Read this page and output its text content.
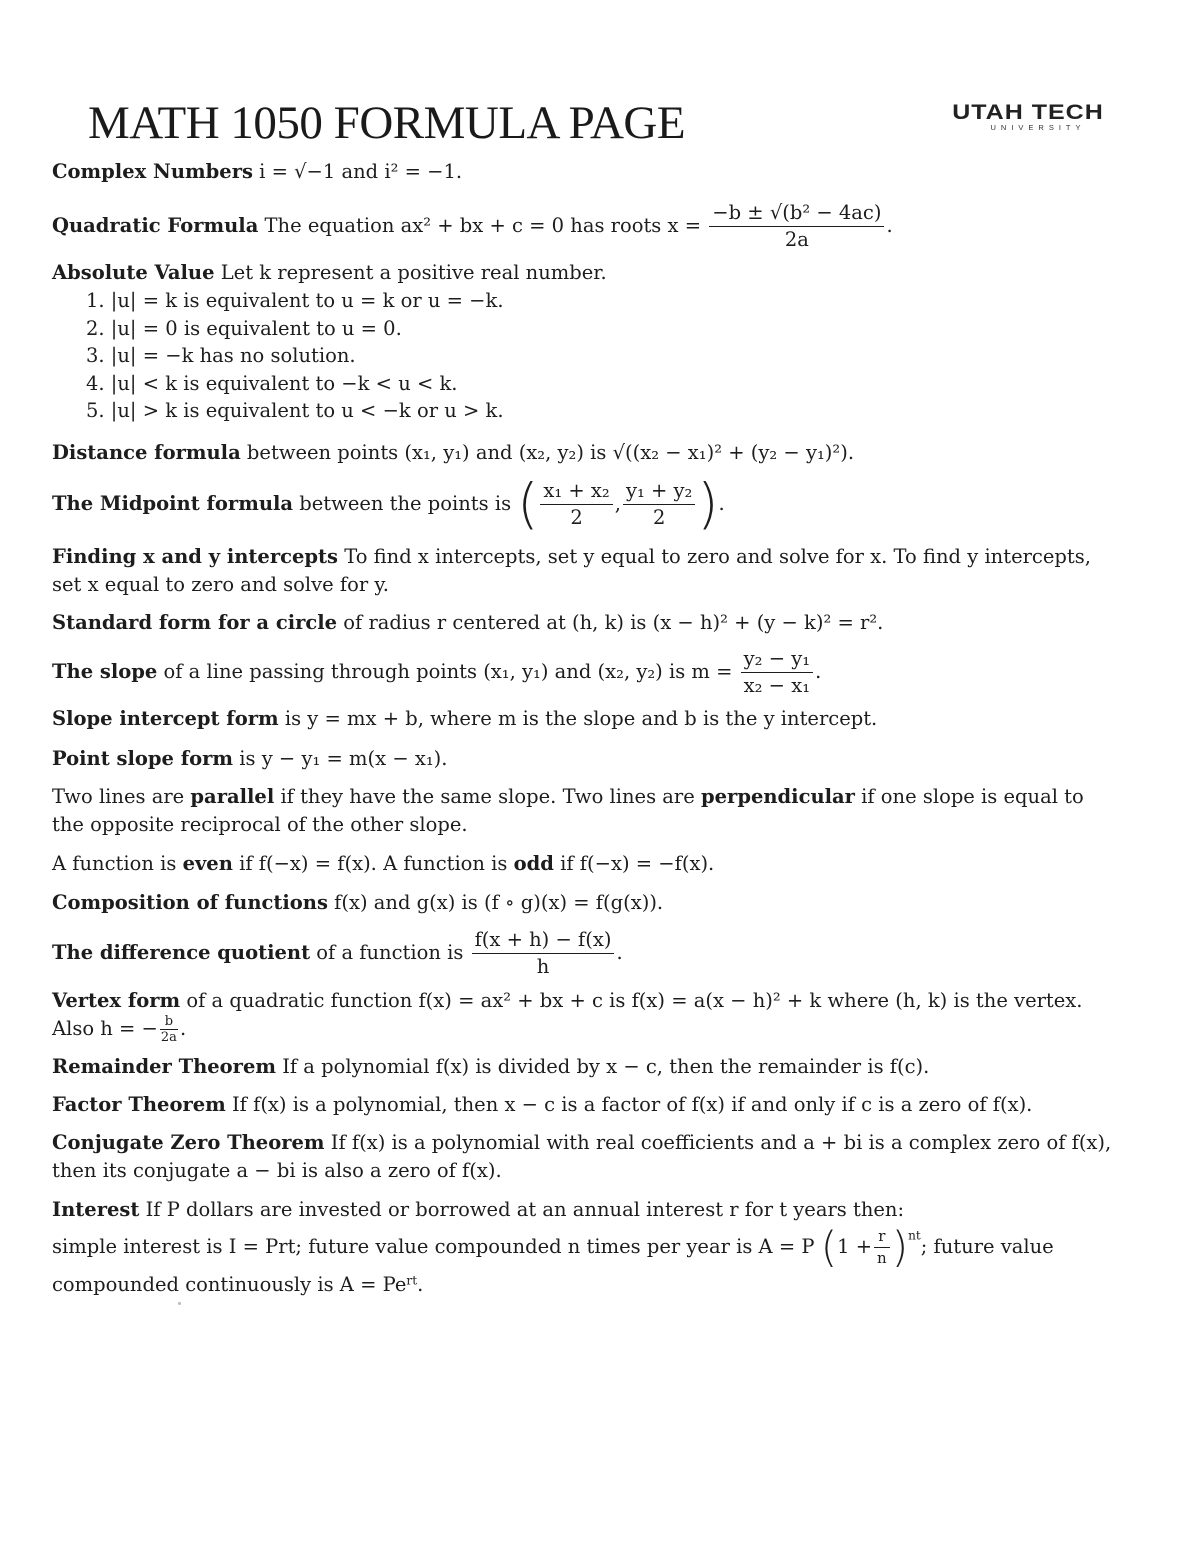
MATH 1050 FORMULA PAGE	UTAH TECH
UNIVERSITY
Complex Numbers i = √−1 and i² = −1.
Quadratic Formula The equation ax² + bx + c = 0 has roots $x = \frac{\text{−b ± √(b² − 4ac)}}{2a}$ .
Absolute Value Let k represent a positive real number.
1. |u| = k is equivalent to u = k or u = −k.
2. |u| = 0 is equivalent to u = 0.
3. |u| = −k has no solution.
4. |u| < k is equivalent to −k < u < k.
5. |u| > k is equivalent to u < −k or u > k.
Distance formula between points (x₁, y₁) and (x₂, y₂) is √((x₂ − x₁)² + (y₂ − y₁)²).
The Midpoint formula between the points is ( $\frac{\text{x₁ + x₂}}{2}$ , $\frac{\text{y₁ + y₂}}{2}$ ).
Finding x and y intercepts To find x intercepts, set y equal to zero and solve for x. To find y intercepts, set x equal to zero and solve for y.
Standard form for a circle of radius r centered at (h, k) is (x − h)² + (y − k)² = r².
The slope of a line passing through points (x₁, y₁) and (x₂, y₂) is $m = \frac{\text{y₂ − y₁}}{\text{x₂ − x₁}}$ .
Slope intercept form is y = mx + b, where m is the slope and b is the y intercept.
Point slope form is y − y₁ = m(x − x₁).
Two lines are parallel if they have the same slope. Two lines are perpendicular if one slope is equal to the opposite reciprocal of the other slope.
A function is even if f(−x) = f(x). A function is odd if f(−x) = −f(x).
Composition of functions f(x) and g(x) is (f ∘ g)(x) = f(g(x)).
The difference quotient of a function is $\frac{f(x + h) - f(x)}{h}$ .
Vertex form of a quadratic function f(x) = ax² + bx + c is f(x) = a(x − h)² + k where (h, k) is the vertex.
Also h = − $\frac{b}{2a}$ .
Remainder Theorem If a polynomial f(x) is divided by x − c, then the remainder is f(c).
Factor Theorem If f(x) is a polynomial, then x − c is a factor of f(x) if and only if c is a zero of f(x).
Conjugate Zero Theorem If f(x) is a polynomial with real coefficients and a + bi is a complex zero of f(x), then its conjugate a − bi is also a zero of f(x).
Interest If P dollars are invested or borrowed at an annual interest r for t years then:
simple interest is I = Prt; future value compounded n times per year is A = P $(1 + \frac{r}{n} )^{nt}$; future value
compounded continuously is $A = Pe^{rt}$.
